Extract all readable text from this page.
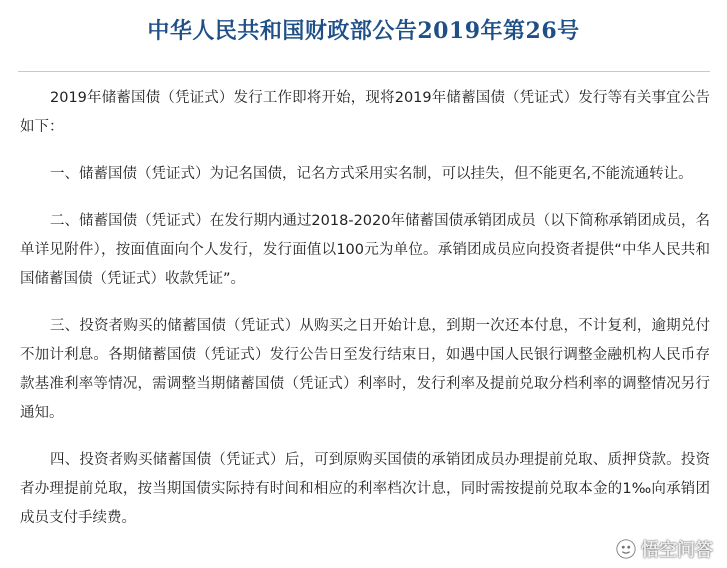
中华人民共和国财政部公告2019年第26号

2019年储蓄国债（凭证式）发行工作即将开始，现将2019年储蓄国债（凭证式）发行等有关事宜公告如下：

一、储蓄国债（凭证式）为记名国债，记名方式采用实名制，可以挂失，但不能更名,不能流通转让。

二、储蓄国债（凭证式）在发行期内通过2018-2020年储蓄国债承销团成员（以下简称承销团成员，名单详见附件），按面值面向个人发行，发行面值以100元为单位。承销团成员应向投资者提供“中华人民共和国储蓄国债（凭证式）收款凭证”。

三、投资者购买的储蓄国债（凭证式）从购买之日开始计息，到期一次还本付息，不计复利，逾期兑付不加计利息。各期储蓄国债（凭证式）发行公告日至发行结束日，如遇中国人民银行调整金融机构人民币存款基准利率等情况，需调整当期储蓄国债（凭证式）利率时，发行利率及提前兑取分档利率的调整情况另行通知。

四、投资者购买储蓄国债（凭证式）后，可到原购买国债的承销团成员办理提前兑取、质押贷款。投资者办理提前兑取，按当期国债实际持有时间和相应的利率档次计息，同时需按提前兑取本金的1‰向承销团成员支付手续费。

悟空问答
